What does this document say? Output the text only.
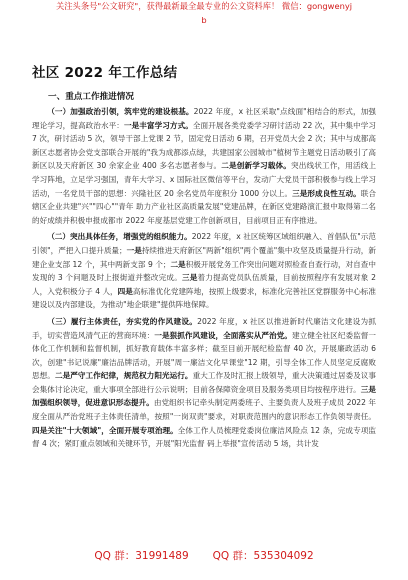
关注头条号"公文研究"，获得最新最全最专业的公文资料库！ 微信：gongwenyj
b
社区 2022 年工作总结
一、重点工作推进情况

（一）加强政治引领，筑牢党的建设根基。2022 年度，x 社区采取"点线面"相结合的形式，加强理论学习，提高政治水平：一是丰富学习方式。全面开展各类党委学习研讨活动 22 次，其中集中学习 7 次，研讨活动 5 次，领导干部上党课 2 节，固定党日活动 6 期，召开党员大会 2 次；其中与成都高新区志愿者协会党支部联合开展的"我为成都添点绿，共建国家公园城市"植树节主题党日活动吸引了高新区以及天府新区 30 余家企业 400 多名志愿者参与。二是创新学习载体。突出线状工作，用活线上学习阵地，立足学习强国，青年大学习、x 国际社区微信等平台，发动广大党员干部积极参与线上学习活动，一名党员干部的思想：兴隆社区 20 余名党员年度积分 1000 分以上。三是形成良性互动。联合辖区企业共建"兴""四心""青年 助力产业社区高质量发展"党建品牌，在新区党建路演汇报中取得第二名的好成绩并积极申报成都市 2022 年度基层党建工作创新项目，目前项目正有序推进。

（二）突出具体任务，增强党的组织能力。2022 年度，x 社区统筹区域组织融入、首倡队伍"示范引领"，严把入口提升质量；一是持续推进天府新区"两新"组织"两个覆盖"集中攻坚及质量提升行动，新建企业支部 12 个，其中两新支部 9 个；二是积极开展党务工作突出问题对照检查自查行动，对自查中发现的 3 个问题及时上报街道并整改完成。三是着力提高党员队伍质量，目前按照程序有发展对象 2 人，入党积极分子 4 人，四是高标准优化党建阵地，按照上级要求，标准化完善社区党群服务中心标准建设以及内部建设，为推动"地企联建"提供阵地保障。

（三）履行主体责任，夯实党的作风建设。2022 年度，x 社区以推进新时代廉洁文化建设为抓手，切实营造风清气正的营商环境：一是狠抓作风建设，全面落实从严治党。建立健全社区纪委监督一体化工作机制和监督机制，抓好教育载体丰富多样；截至目前开展纪检监督 40 次，开展廉政活动 6 次，创建"书记说廉"廉洁品牌活动，开展"周一廉洁文化早课堂"12 期，引导全体工作人员坚定反腐败思想。二是严守工作纪律，规范权力阳光运行。重大工作及时汇报上级领导，重大决策通过居委及议事会集体讨论决定，重大事项全部进行公示说明；目前各保障资金项目及服务类项目均按程序进行。三是加强组织领导，促进意识形态提升。由党组织书记牵头制定两委班子、主要负责人及班子成员 2022 年度全面从严治党班子主体责任清单，按照"一岗双责"要求，对职责范围内的意识形态工作负领导责任。四是关注"十大领域"，全面开展专项治理。全体工作人员梳理党委岗位廉洁风险点 12 条，完成专项监督 4 次；紧盯重点领域和关键环节，开展"阳光监督 码上举报"宣传活动 5 场，共计发

QQ 群：31991489 QQ 群：535304092
